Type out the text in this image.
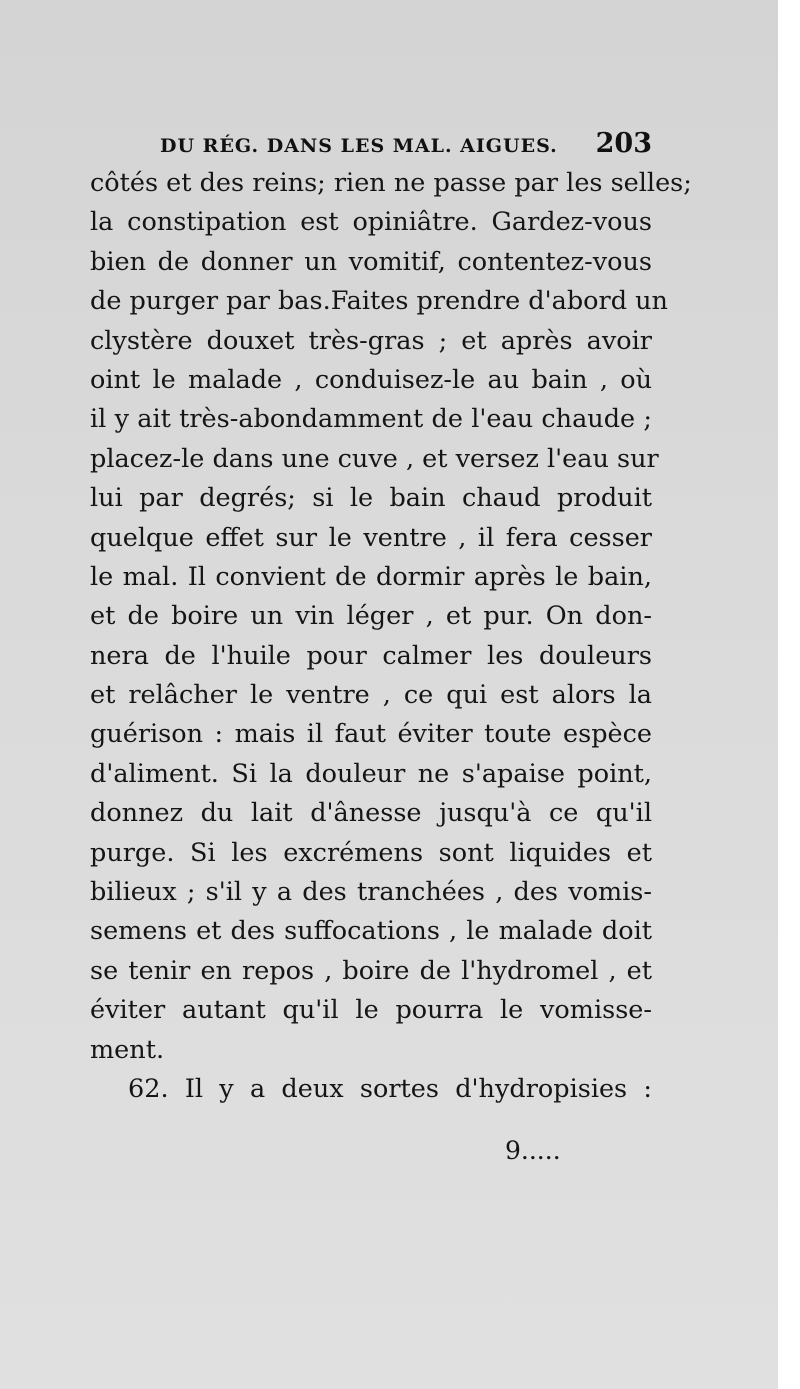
DU RÉG. DANS LES MAL. AIGUES. 203
côtés et des reins; rien ne passe par les selles;
la constipation est opiniâtre. Gardez-vous
bien de donner un vomitif, contentez-vous
de purger par bas.Faites prendre d'abord un
clystère douxet très-gras ; et après avoir
oint le malade , conduisez-le au bain , où
il y ait très-abondamment de l'eau chaude ;
placez-le dans une cuve , et versez l'eau sur
lui par degrés; si le bain chaud produit
quelque effet sur le ventre , il fera cesser
le mal. Il convient de dormir après le bain,
et de boire un vin léger , et pur. On don-
nera de l'huile pour calmer les douleurs
et relâcher le ventre , ce qui est alors la
guérison : mais il faut éviter toute espèce
d'aliment. Si la douleur ne s'apaise point,
donnez du lait d'ânesse jusqu'à ce qu'il
purge. Si les excrémens sont liquides et
bilieux ; s'il y a des tranchées , des vomis-
semens et des suffocations , le malade doit
se tenir en repos , boire de l'hydromel , et
éviter autant qu'il le pourra le vomisse-
ment.
62. Il y a deux sortes d'hydropisies :
9.....
